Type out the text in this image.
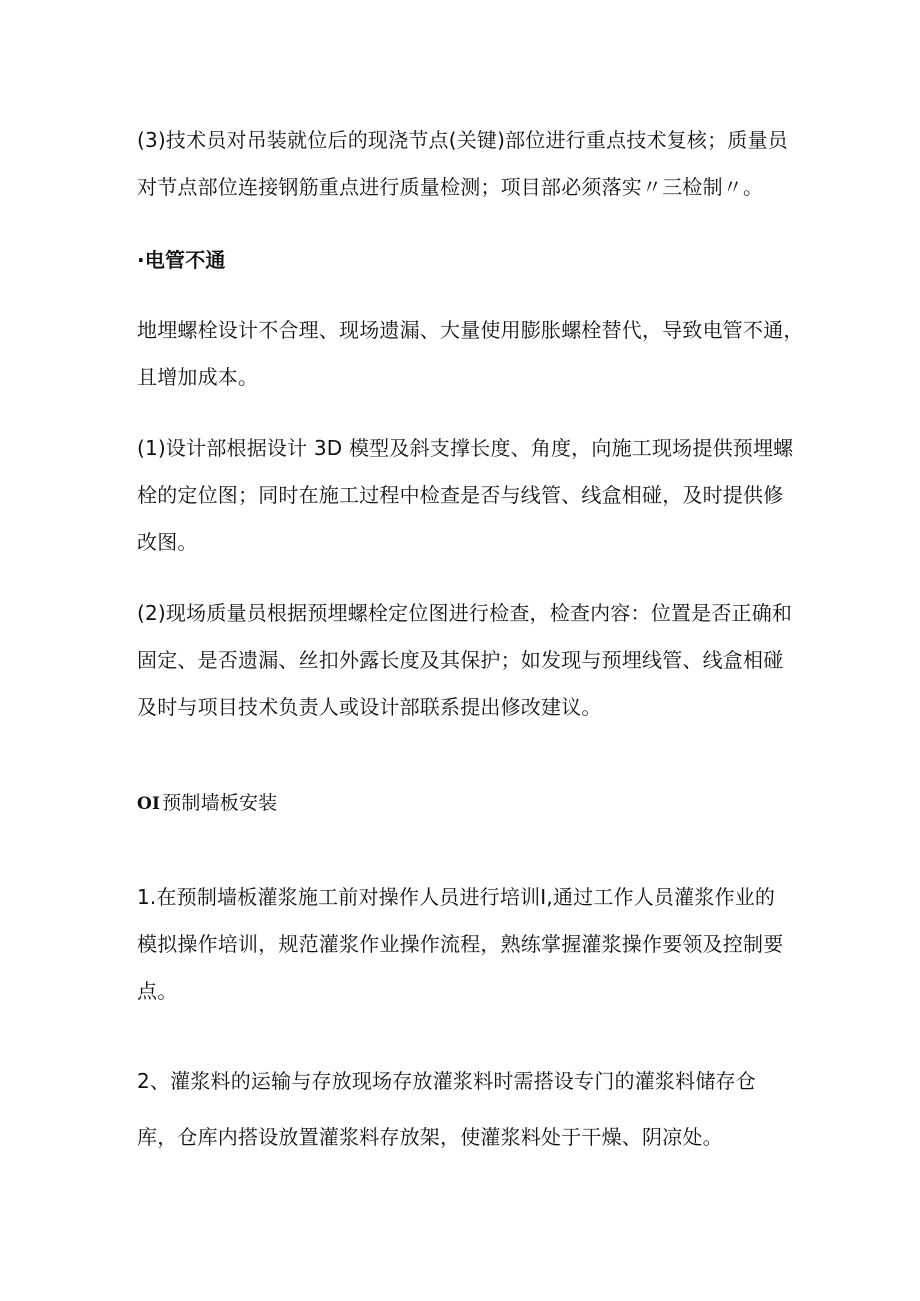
(3)技术员对吊装就位后的现浇节点(关键)部位进行重点技术复核；质量员
对节点部位连接钢筋重点进行质量检测；项目部必须落实〃三检制〃。
·电管不通
地埋螺栓设计不合理、现场遗漏、大量使用膨胀螺栓替代，导致电管不通，
且增加成本。
(1)设计部根据设计 3D 模型及斜支撑长度、角度，向施工现场提供预埋螺
栓的定位图；同时在施工过程中检查是否与线管、线盒相碰，及时提供修
改图。
(2)现场质量员根据预埋螺栓定位图进行检查，检查内容：位置是否正确和
固定、是否遗漏、丝扣外露长度及其保护；如发现与预埋线管、线盒相碰
及时与项目技术负责人或设计部联系提出修改建议。
OI 预制墙板安装
1.在预制墙板灌浆施工前对操作人员进行培训I,通过工作人员灌浆作业的
模拟操作培训，规范灌浆作业操作流程，熟练掌握灌浆操作要领及控制要
点。
2、灌浆料的运输与存放现场存放灌浆料时需搭设专门的灌浆料储存仓
库，仓库内搭设放置灌浆料存放架，使灌浆料处于干燥、阴凉处。
